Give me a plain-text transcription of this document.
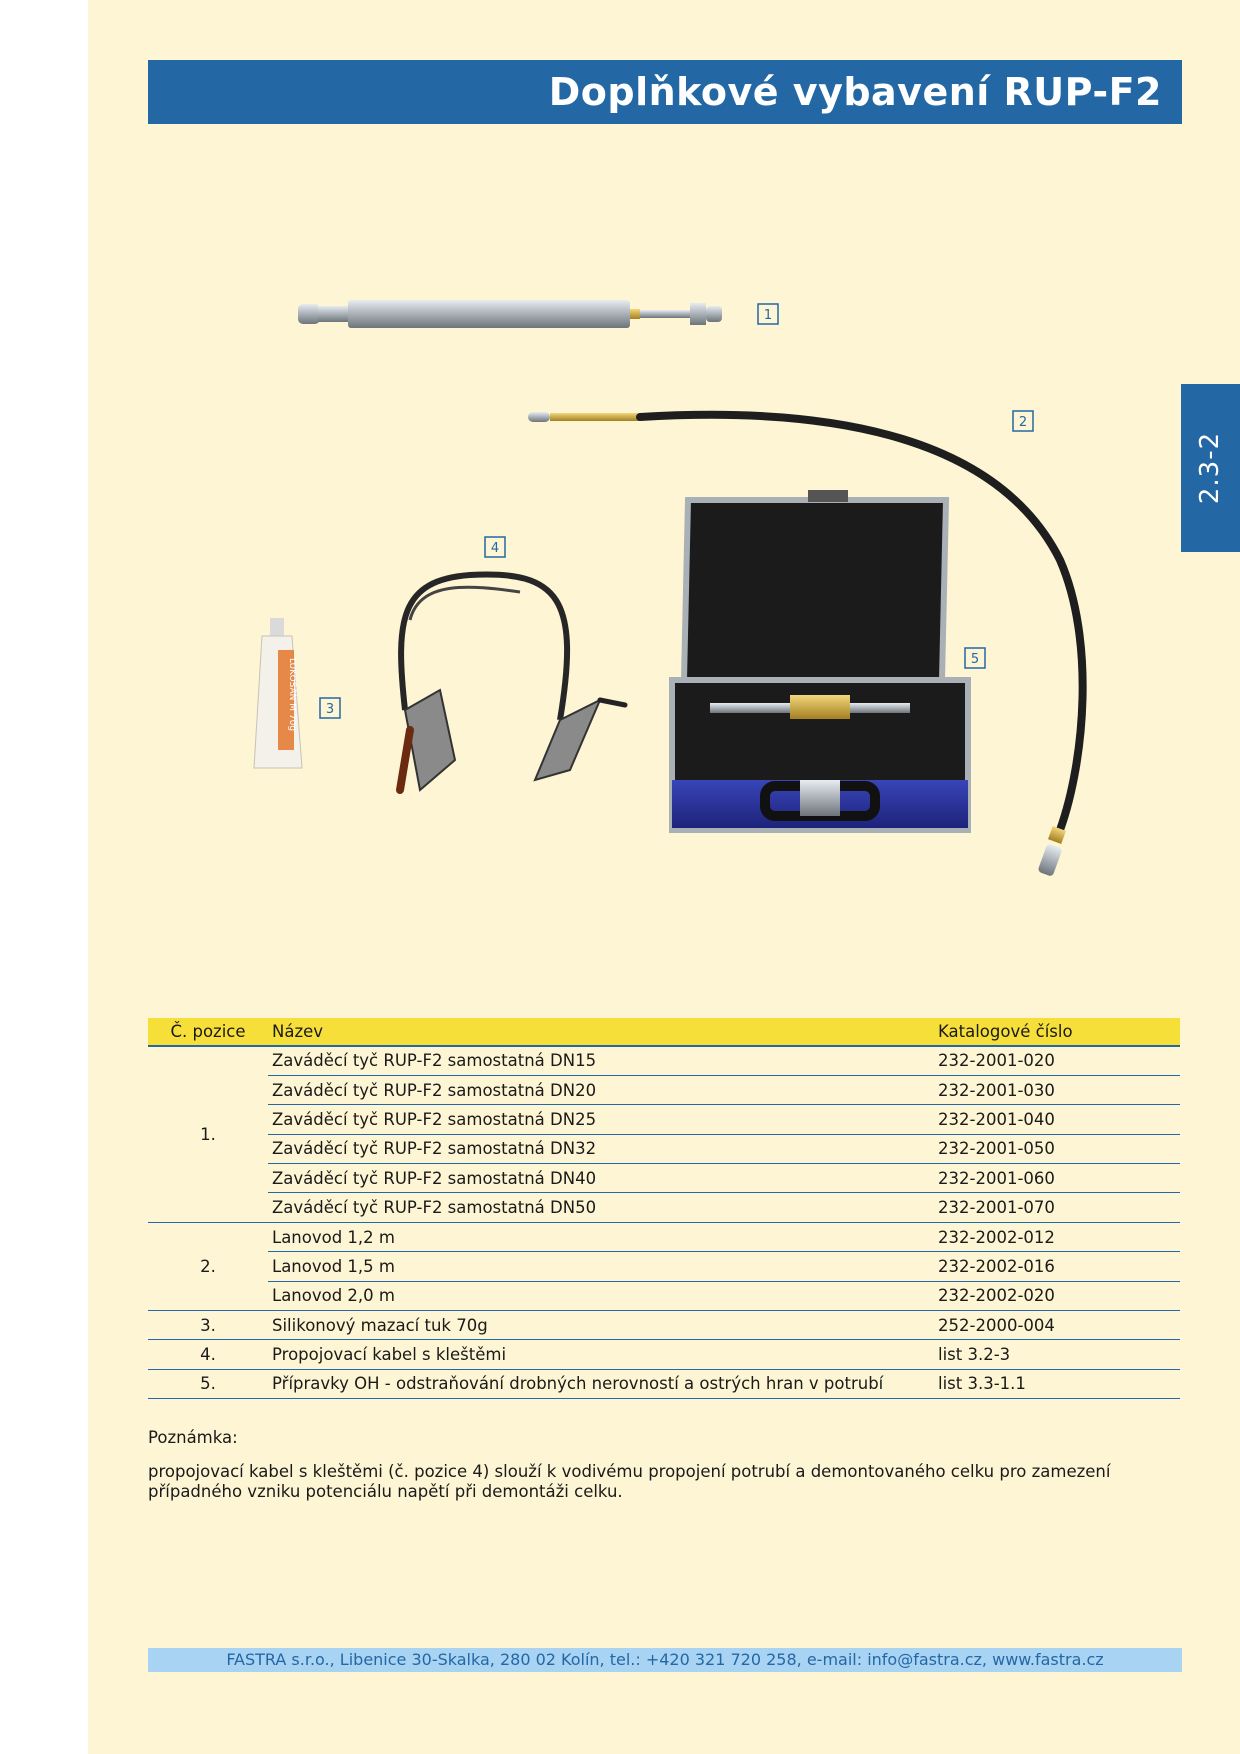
Doplňkové vybavení RUP-F2
2.3-2
LUKOSAN M 70g
1
2
3
4
5
Č. pozice	Název	Katalogové číslo
1.	Zaváděcí tyč RUP-F2 samostatná DN15	232-2001-020
	Zaváděcí tyč RUP-F2 samostatná DN20	232-2001-030
	Zaváděcí tyč RUP-F2 samostatná DN25	232-2001-040
	Zaváděcí tyč RUP-F2 samostatná DN32	232-2001-050
	Zaváděcí tyč RUP-F2 samostatná DN40	232-2001-060
	Zaváděcí tyč RUP-F2 samostatná DN50	232-2001-070
2.	Lanovod 1,2 m	232-2002-012
	Lanovod 1,5 m	232-2002-016
	Lanovod 2,0 m	232-2002-020
3.	Silikonový mazací tuk 70g	252-2000-004
4.	Propojovací kabel s kleštěmi	list 3.2-3
5.	Přípravky OH - odstraňování drobných nerovností a ostrých hran v potrubí	list 3.3-1.1
Poznámka:
propojovací kabel s kleštěmi (č. pozice 4) slouží k vodivému propojení potrubí a demontovaného celku pro zamezení případného vzniku potenciálu napětí při demontáži celku.
FASTRA s.r.o., Libenice 30-Skalka, 280 02 Kolín, tel.: +420 321 720 258, e-mail: info@fastra.cz, www.fastra.cz
